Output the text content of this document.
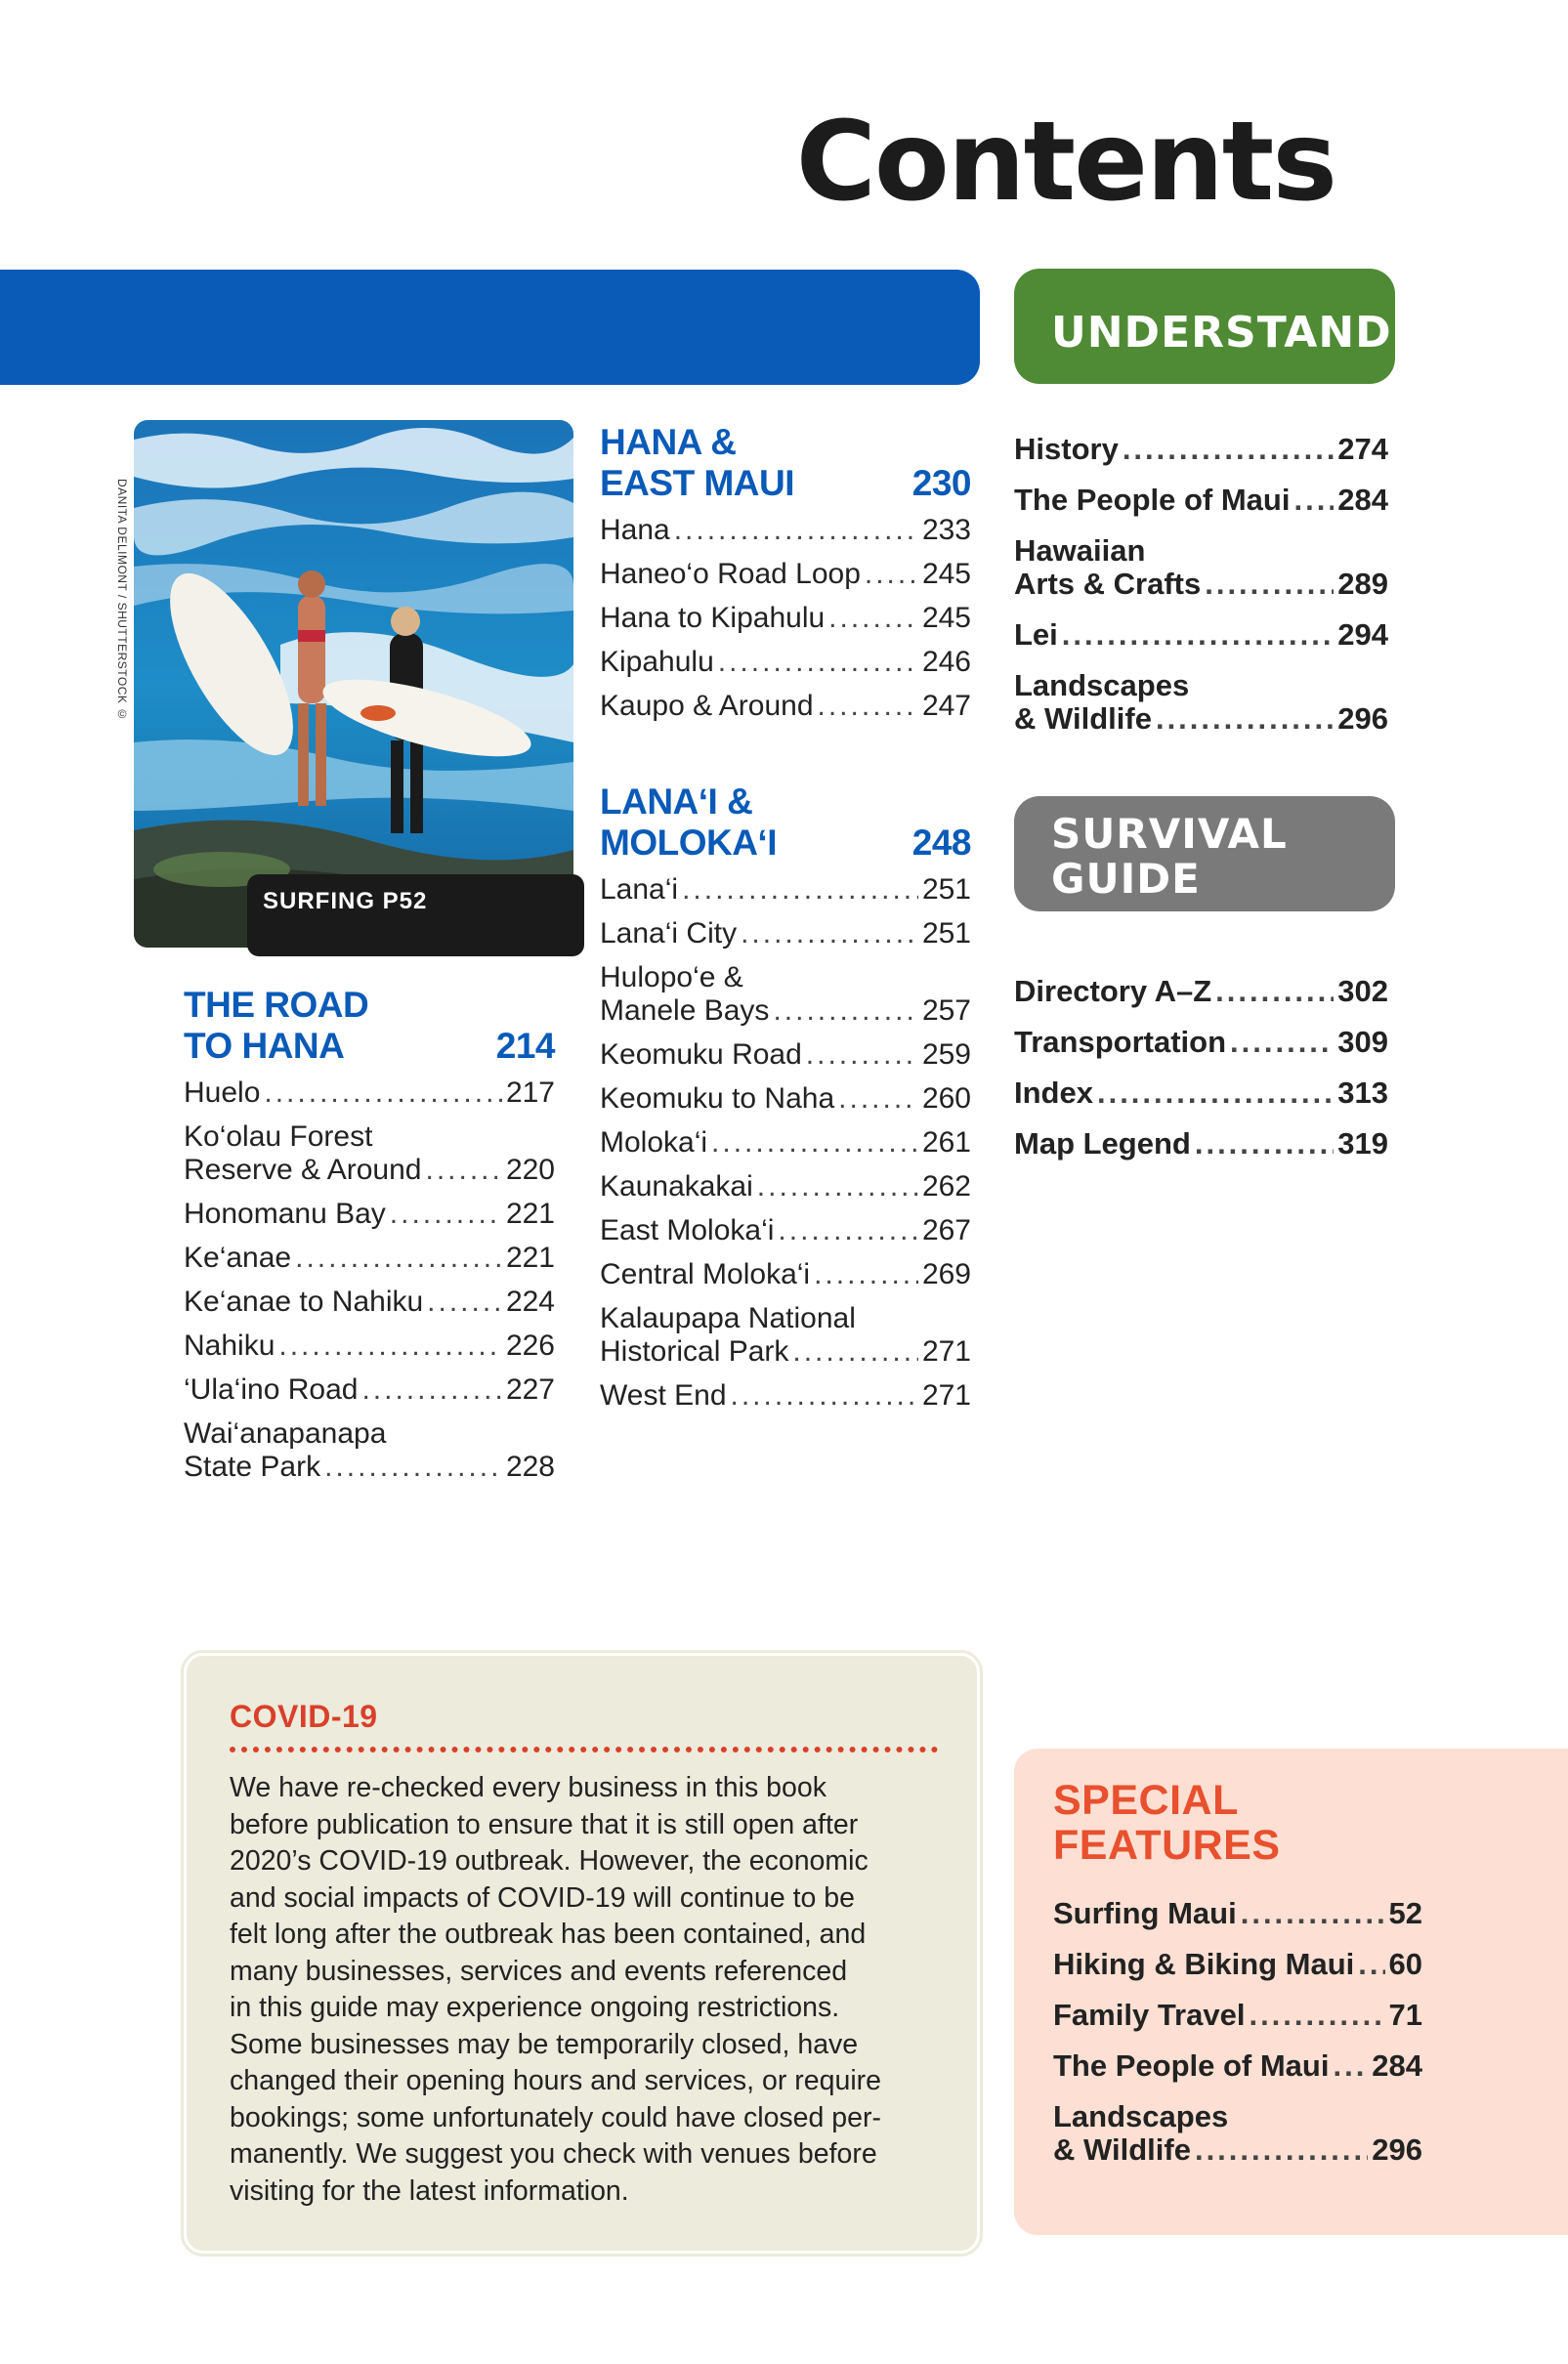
Contents
UNDERSTAND
SURVIVAL
GUIDE
DANITA DELIMONT / SHUTTERSTOCK ©
SURFING P52
THE ROAD
TO HANA	214
Huelo .....	217
Ko‘olau Forest
Reserve & Around .....	220
Honomanu Bay .....	221
Ke‘anae .....	221
Ke‘anae to Nahiku .....	224
Nahiku .....	226
‘Ula‘ino Road .....	227
Wai‘anapanapa
State Park .....	228
HANA &
EAST MAUI	230
Hana .....	233
Haneo‘o Road Loop ..... 245
Hana to Kipahulu .....	245
Kipahulu .....	246
Kaupo & Around .....	247
LANA‘I &
MOLOKA‘I	248
Lana‘i .....	251
Lana‘i City .....	251
Hulopo‘e &
Manele Bays .....	257
Keomuku Road .....	259
Keomuku to Naha .....	260
Moloka‘i .....	261
Kaunakakai .....	262
East Moloka‘i .....	267
Central Moloka‘i .....	269
Kalaupapa National
Historical Park .....	271
West End .....	271
History .....	274
The People of Maui ..... 284
Hawaiian
Arts & Crafts .....	289
Lei .....	294
Landscapes
& Wildlife .....	296
Directory A–Z .....	302
Transportation .....	309
Index .....	313
Map Legend .....	319
COVID-19
We have re-checked every business in this book
before publication to ensure that it is still open after
2020’s COVID-19 outbreak. However, the economic
and social impacts of COVID-19 will continue to be
felt long after the outbreak has been contained, and
many businesses, services and events referenced
in this guide may experience ongoing restrictions.
Some businesses may be temporarily closed, have
changed their opening hours and services, or require
bookings; some unfortunately could have closed per-
manently. We suggest you check with venues before
visiting for the latest information.
SPECIAL
FEATURES
Surfing Maui .....	52
Hiking & Biking Maui ..... 60
Family Travel .....	71
The People of Maui ..... 284
Landscapes
& Wildlife .....	296
